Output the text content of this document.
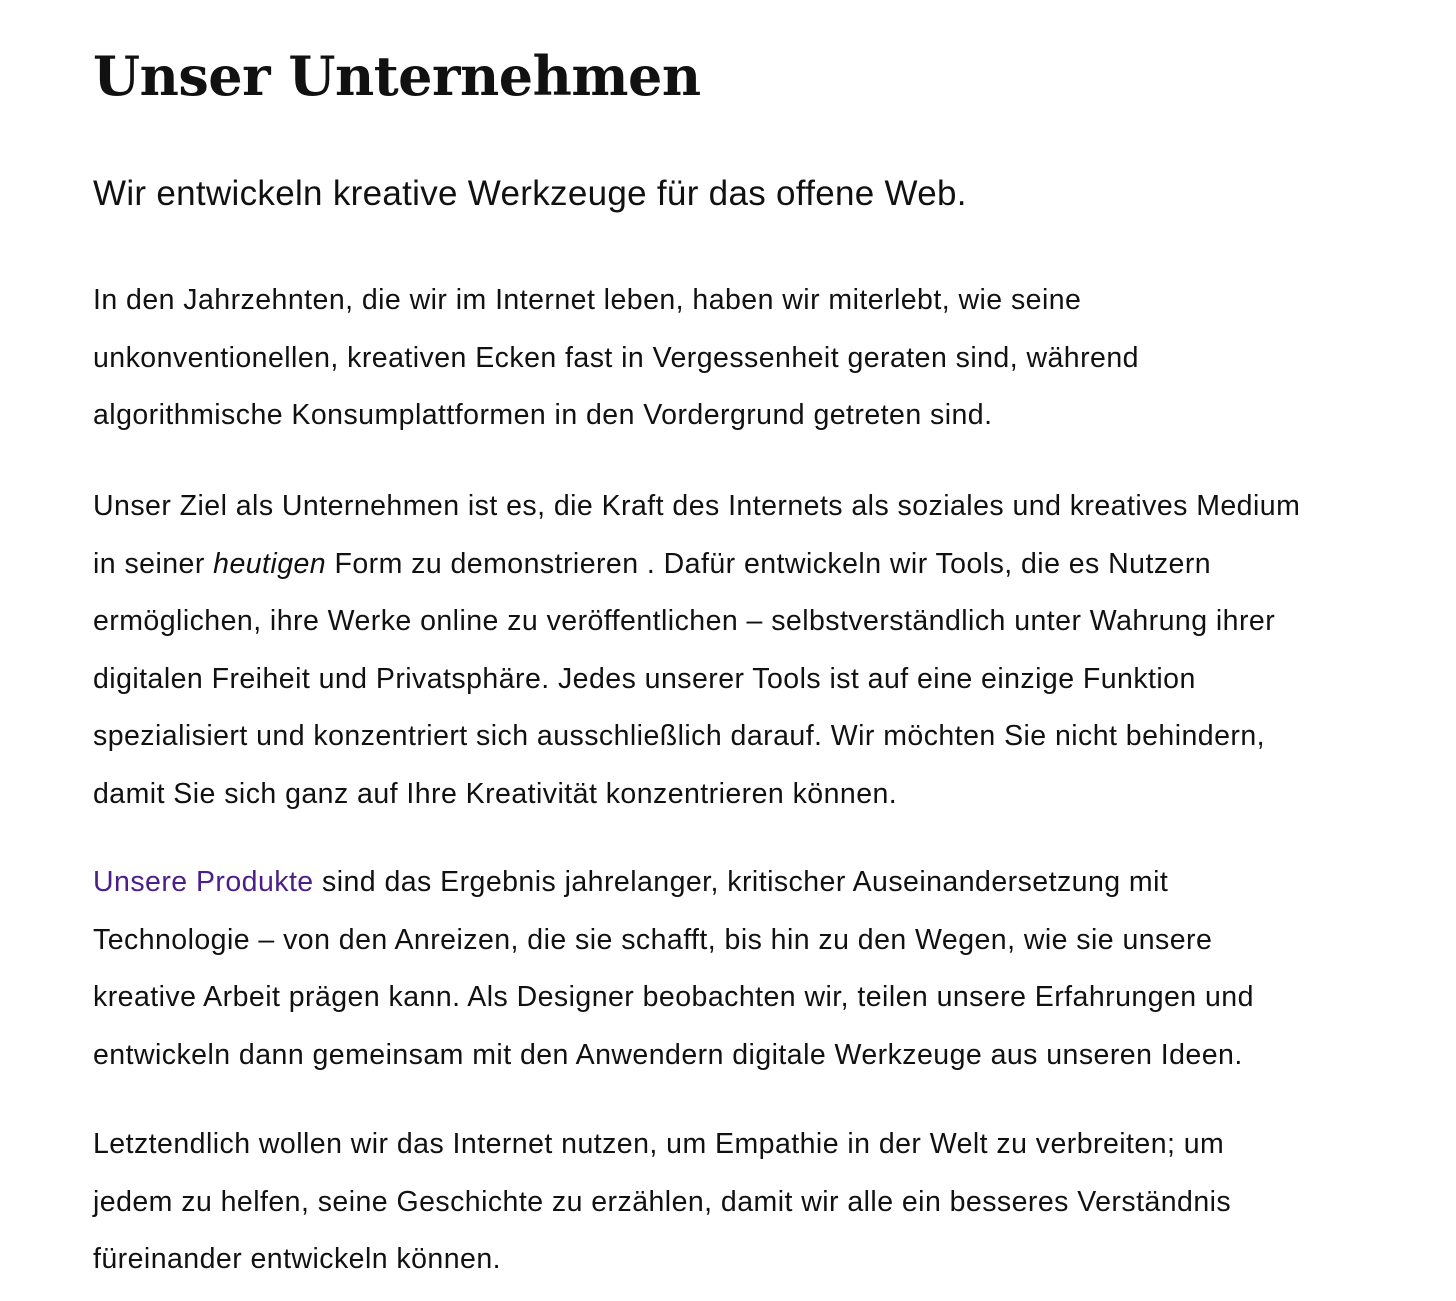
Unser Unternehmen
Wir entwickeln kreative Werkzeuge für das offene Web.
In den Jahrzehnten, die wir im Internet leben, haben wir miterlebt, wie seine
unkonventionellen, kreativen Ecken fast in Vergessenheit geraten sind, während
algorithmische Konsumplattformen in den Vordergrund getreten sind.
Unser Ziel als Unternehmen ist es, die Kraft des Internets als soziales und kreatives Medium
in seiner heutigen Form zu demonstrieren . Dafür entwickeln wir Tools, die es Nutzern
ermöglichen, ihre Werke online zu veröffentlichen – selbstverständlich unter Wahrung ihrer
digitalen Freiheit und Privatsphäre. Jedes unserer Tools ist auf eine einzige Funktion
spezialisiert und konzentriert sich ausschließlich darauf. Wir möchten Sie nicht behindern,
damit Sie sich ganz auf Ihre Kreativität konzentrieren können.
Unsere Produkte sind das Ergebnis jahrelanger, kritischer Auseinandersetzung mit
Technologie – von den Anreizen, die sie schafft, bis hin zu den Wegen, wie sie unsere
kreative Arbeit prägen kann. Als Designer beobachten wir, teilen unsere Erfahrungen und
entwickeln dann gemeinsam mit den Anwendern digitale Werkzeuge aus unseren Ideen.
Letztendlich wollen wir das Internet nutzen, um Empathie in der Welt zu verbreiten; um
jedem zu helfen, seine Geschichte zu erzählen, damit wir alle ein besseres Verständnis
füreinander entwickeln können.
